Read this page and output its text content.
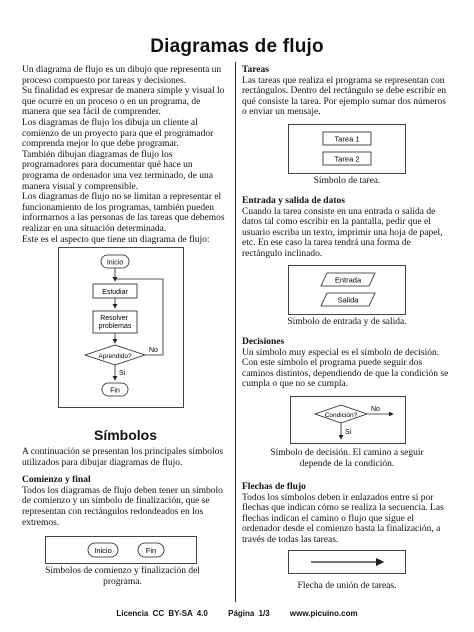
Diagramas de flujo

Un diagrama de flujo es un dibujo que representa un proceso compuesto por tareas y decisiones.

Su finalidad es expresar de manera simple y visual lo que ocurre en un proceso o en un programa, de manera que sea fácil de comprender.

Los diagramas de flujo los dibuja un cliente al comienzo de un proyecto para que el programador comprenda mejor lo que debe programar.

También dibujan diagramas de flujo los programadores para documentar qué hace un programa de ordenador una vez terminado, de una manera visual y comprensible.

Los diagramas de flujo no se limitan a representar el funcionamiento de los programas, también pueden informarnos a las personas de las tareas que debemos realizar en una situación determinada.

Este es el aspecto que tiene un diagrama de flujo:

Inicio
Estudiar
Resolver problemas
Aprendido?
No
Si
Fin
Símbolos

A continuación se presentan los principales símbolos utilizados para dibujar diagramas de flujo.

Comienzo y final

Todos los diagramas de flujo deben tener un símbolo de comienzo y un símbolo de finalización, que se representan con rectángulos redondeados en los extremos.

Inicio	Fin
Símbolos de comienzo y finalización del programa.

Tareas

Las tareas que realiza el programa se representan con rectángulos. Dentro del rectángulo se debe escribir en qué consiste la tarea. Por ejemplo sumar dos números o enviar un mensaje.

Tarea 1
Tarea 2
Símbolo de tarea.

Entrada y salida de datos

Cuando la tarea consiste en una entrada o salida de datos tal como escribir en la pantalla, pedir que el usuario escriba un texto, imprimir una hoja de papel, etc. En ese caso la tarea tendrá una forma de rectángulo inclinado.

Entrada
Salida
Símbolo de entrada y de salida.

Decisiones

Un símbolo muy especial es el símbolo de decisión. Con este símbolo el programa puede seguir dos caminos distintos, dependiendo de que la condición se cumpla o que no se cumpla.

Condición?
No
Si
Símbolo de decisión. El camino a seguir depende de la condición.

Flechas de flujo

Todos los símbolos deben ir enlazados entre sí por flechas que indican cómo se realiza la secuencia. Las flechas indican el camino o flujo que sigue el ordenador desde el comienzo hasta la finalización, a través de todas las tareas.

Flecha de unión de tareas.
Licencia CC BY-SA 4.0	Página 1/3	www.picuino.com
